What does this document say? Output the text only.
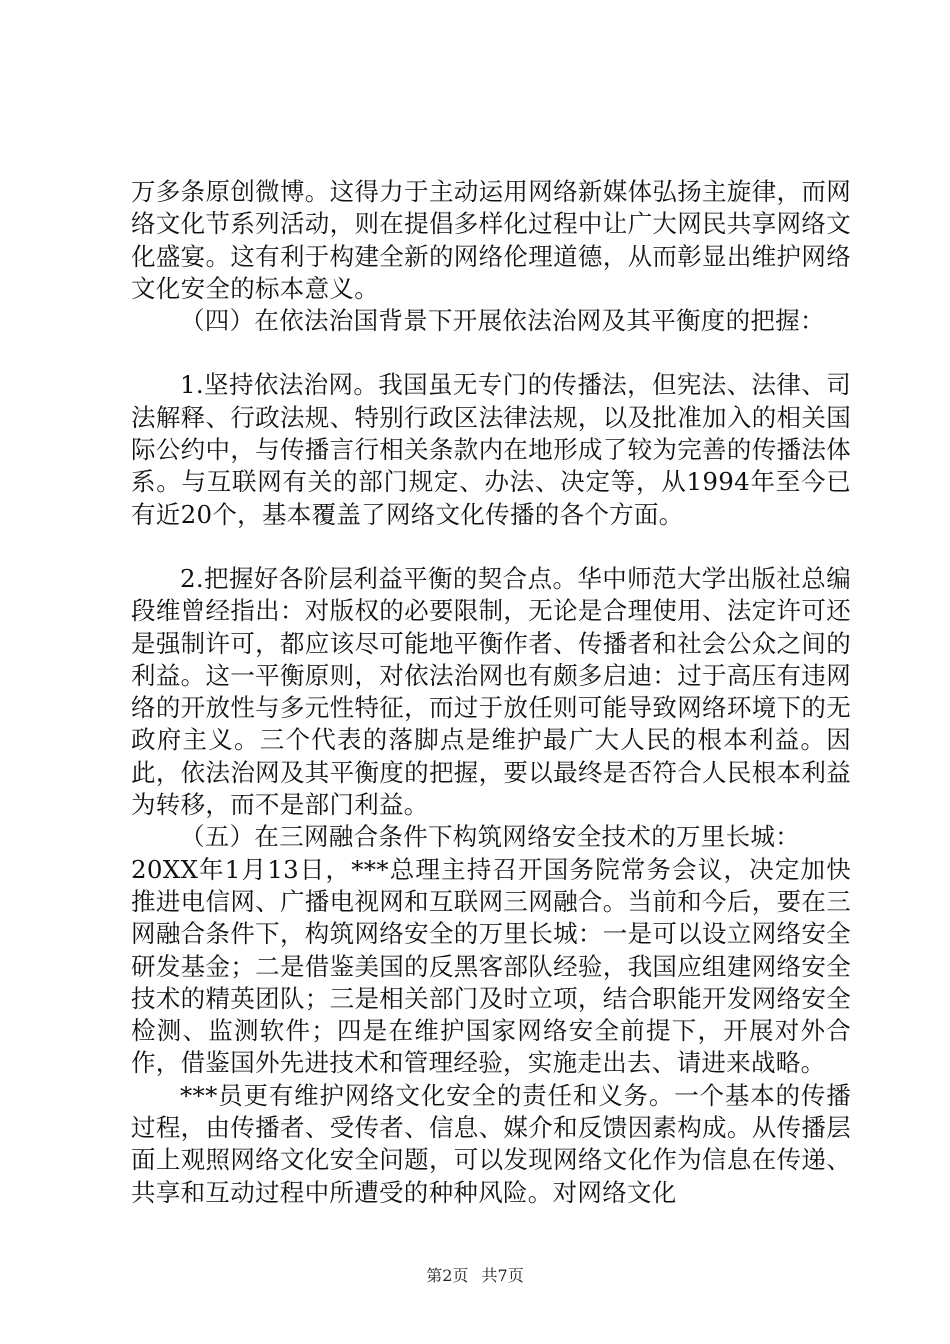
万多条原创微博。这得力于主动运用网络新媒体弘扬主旋律，而网络文化节系列活动，则在提倡多样化过程中让广大网民共享网络文化盛宴。这有利于构建全新的网络伦理道德，从而彰显出维护网络文化安全的标本意义。

（四）在依法治国背景下开展依法治网及其平衡度的把握：

1.坚持依法治网。我国虽无专门的传播法，但宪法、法律、司法解释、行政法规、特别行政区法律法规，以及批准加入的相关国际公约中，与传播言行相关条款内在地形成了较为完善的传播法体系。与互联网有关的部门规定、办法、决定等，从1994年至今已有近20个，基本覆盖了网络文化传播的各个方面。

2.把握好各阶层利益平衡的契合点。华中师范大学出版社总编段维曾经指出：对版权的必要限制，无论是合理使用、法定许可还是强制许可，都应该尽可能地平衡作者、传播者和社会公众之间的利益。这一平衡原则，对依法治网也有颇多启迪：过于高压有违网络的开放性与多元性特征，而过于放任则可能导致网络环境下的无政府主义。三个代表的落脚点是维护最广大人民的根本利益。因此，依法治网及其平衡度的把握，要以最终是否符合人民根本利益为转移，而不是部门利益。

（五）在三网融合条件下构筑网络安全技术的万里长城：

20XX年1月13日，***总理主持召开国务院常务会议，决定加快推进电信网、广播电视网和互联网三网融合。当前和今后，要在三网融合条件下，构筑网络安全的万里长城：一是可以设立网络安全研发基金；二是借鉴美国的反黑客部队经验，我国应组建网络安全技术的精英团队；三是相关部门及时立项，结合职能开发网络安全检测、监测软件；四是在维护国家网络安全前提下，开展对外合作，借鉴国外先进技术和管理经验，实施走出去、请进来战略。

***员更有维护网络文化安全的责任和义务。一个基本的传播过程，由传播者、受传者、信息、媒介和反馈因素构成。从传播层面上观照网络文化安全问题，可以发现网络文化作为信息在传递、共享和互动过程中所遭受的种种风险。对网络文化

第2页 共7页
